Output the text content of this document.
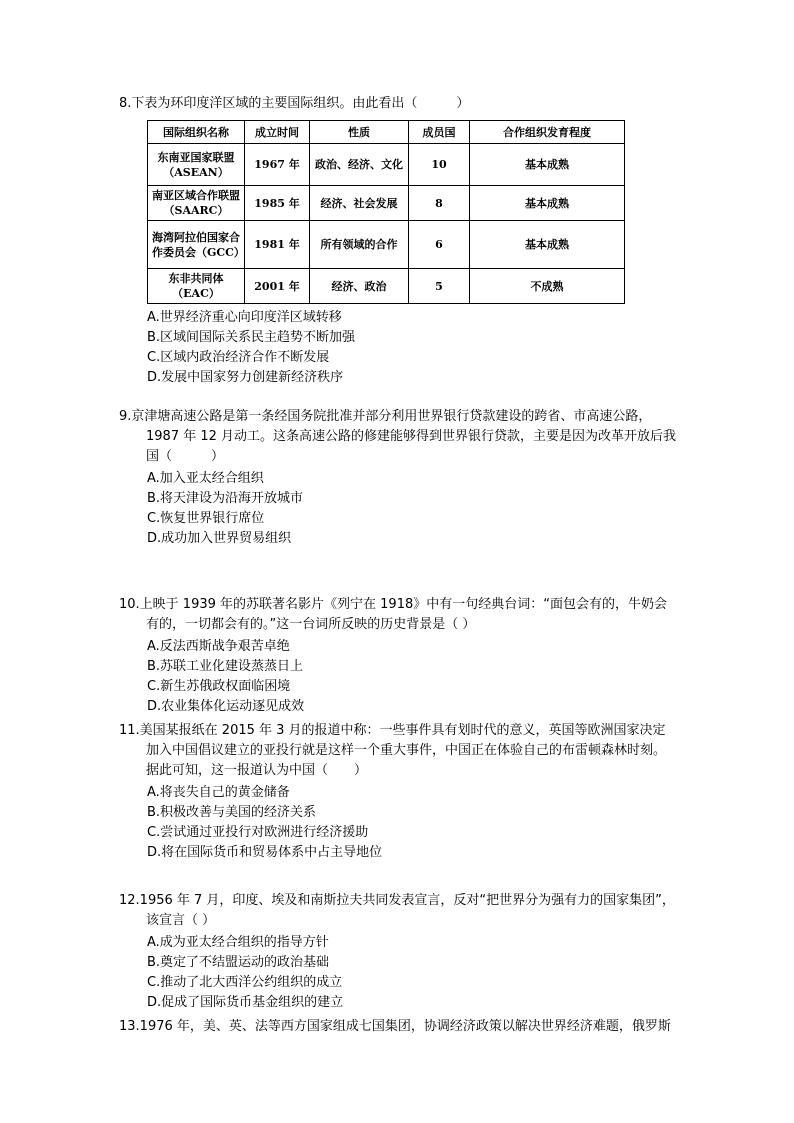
8.下表为环印度洋区域的主要国际组织。由此看出（　　　）

国际组织名称	成立时间	性质	成员国	合作组织发育程度
东南亚国家联盟（ASEAN）	1967 年	政治、经济、文化	10	基本成熟
南亚区域合作联盟（SAARC）	1985 年	经济、社会发展	8	基本成熟
海湾阿拉伯国家合作委员会（GCC）	1981 年	所有领域的合作	6	基本成熟
东非共同体（EAC）	2001 年	经济、政治	5	不成熟
A.世界经济重心向印度洋区域转移
B.区域间国际关系民主趋势不断加强
C.区域内政治经济合作不断发展
D.发展中国家努力创建新经济秩序

9.京津塘高速公路是第一条经国务院批准并部分利用世界银行贷款建设的跨省、市高速公路，
1987 年 12 月动工。这条高速公路的修建能够得到世界银行贷款，主要是因为改革开放后我
国（　　　）

A.加入亚太经合组织
B.将天津设为沿海开放城市
C.恢复世界银行席位
D.成功加入世界贸易组织

10.上映于 1939 年的苏联著名影片《列宁在 1918》中有一句经典台词：“面包会有的，牛奶会
有的，一切都会有的。”这一台词所反映的历史背景是（ ）

A.反法西斯战争艰苦卓绝
B.苏联工业化建设蒸蒸日上
C.新生苏俄政权面临困境
D.农业集体化运动逐见成效

11.美国某报纸在 2015 年 3 月的报道中称：一些事件具有划时代的意义，英国等欧洲国家决定
加入中国倡议建立的亚投行就是这样一个重大事件，中国正在体验自己的布雷顿森林时刻。
据此可知，这一报道认为中国（　　）

A.将丧失自己的黄金储备
B.积极改善与美国的经济关系
C.尝试通过亚投行对欧洲进行经济援助
D.将在国际货币和贸易体系中占主导地位

12.1956 年 7 月，印度、埃及和南斯拉夫共同发表宣言，反对“把世界分为强有力的国家集团”，
该宣言（ ）

A.成为亚太经合组织的指导方针
B.奠定了不结盟运动的政治基础
C.推动了北大西洋公约组织的成立
D.促成了国际货币基金组织的建立

13.1976 年，美、英、法等西方国家组成七国集团，协调经济政策以解决世界经济难题，俄罗斯
